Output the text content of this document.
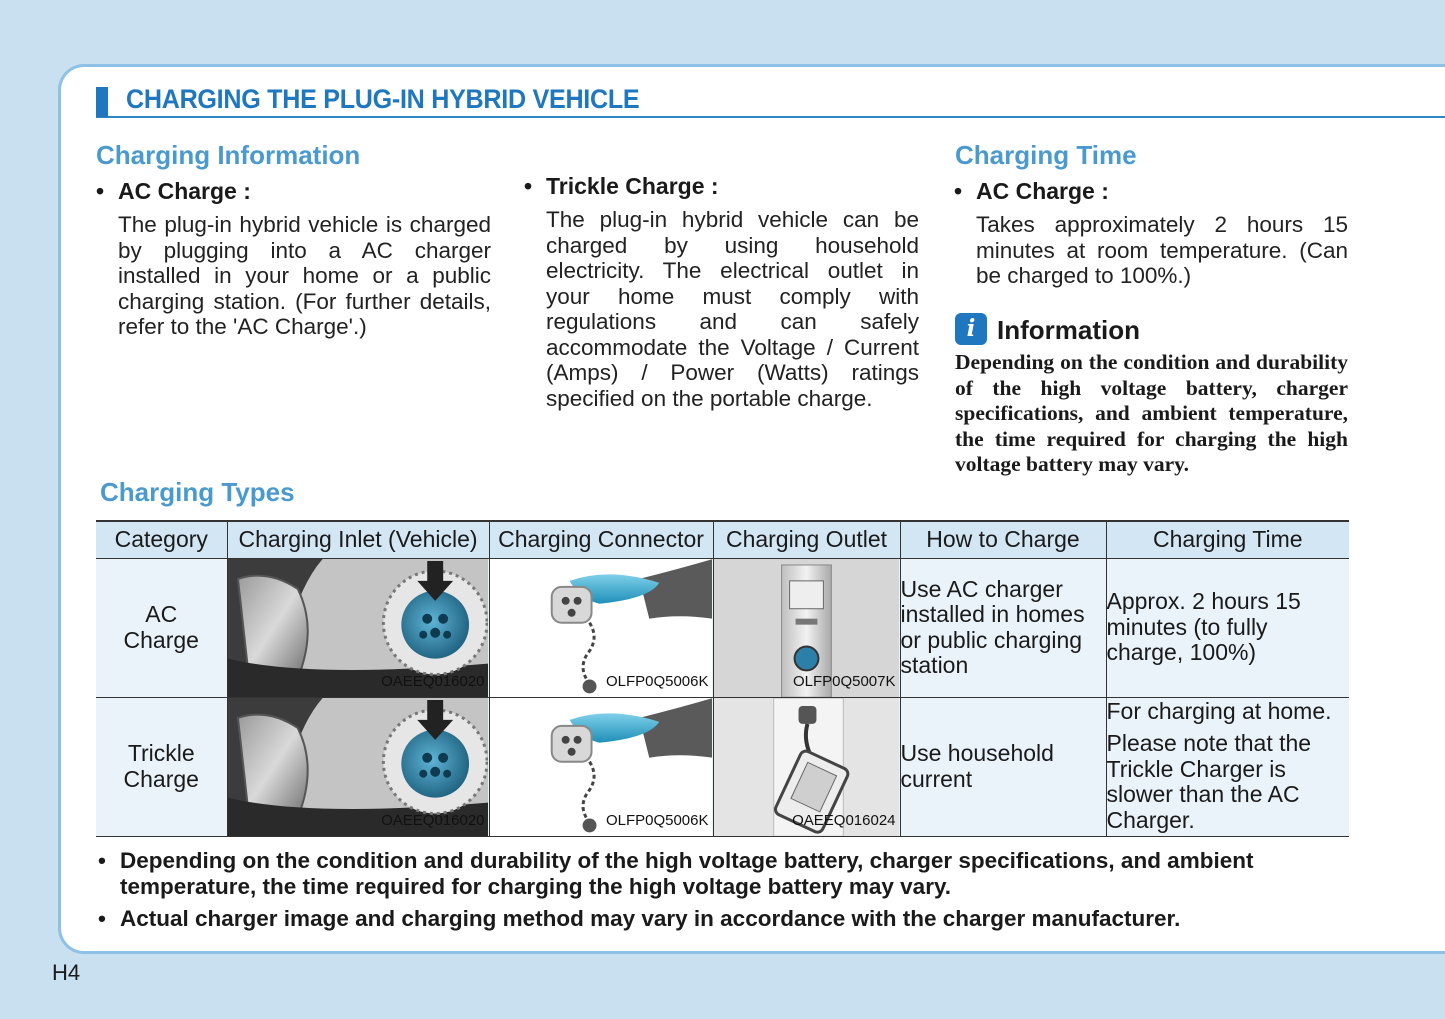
CHARGING THE PLUG-IN HYBRID VEHICLE
Charging Information
• AC Charge :
The plug-in hybrid vehicle is charged by plugging into a AC charger installed in your home or a public charging station. (For further details, refer to the 'AC Charge'.)
• Trickle Charge :
The plug-in hybrid vehicle can be charged by using household electricity. The electrical outlet in your home must comply with regulations and can safely accommodate the Voltage / Current (Amps) / Power (Watts) ratings specified on the portable charge.
Charging Time
• AC Charge :
Takes approximately 2 hours 15 minutes at room temperature. (Can be charged to 100%.)
i Information
Depending on the condition and durability of the high voltage battery, charger specifications, and ambient temperature, the time required for charging the high voltage battery may vary.
Charging Types
Category	Charging Inlet (Vehicle)	Charging Connector	Charging Outlet	How to Charge	Charging Time
AC Charge	OAEEQ016020	OLFP0Q5006K	OLFP0Q5007K	Use AC charger installed in homes or public charging station	Approx. 2 hours 15 minutes (to fully charge, 100%)
Trickle Charge	OAEEQ016020	OLFP0Q5006K	OAEEQ016024	Use household current	For charging at home.
Please note that the Trickle Charger is slower than the AC Charger.
• Depending on the condition and durability of the high voltage battery, charger specifications, and ambient temperature, the time required for charging the high voltage battery may vary.
• Actual charger image and charging method may vary in accordance with the charger manufacturer.
H4
